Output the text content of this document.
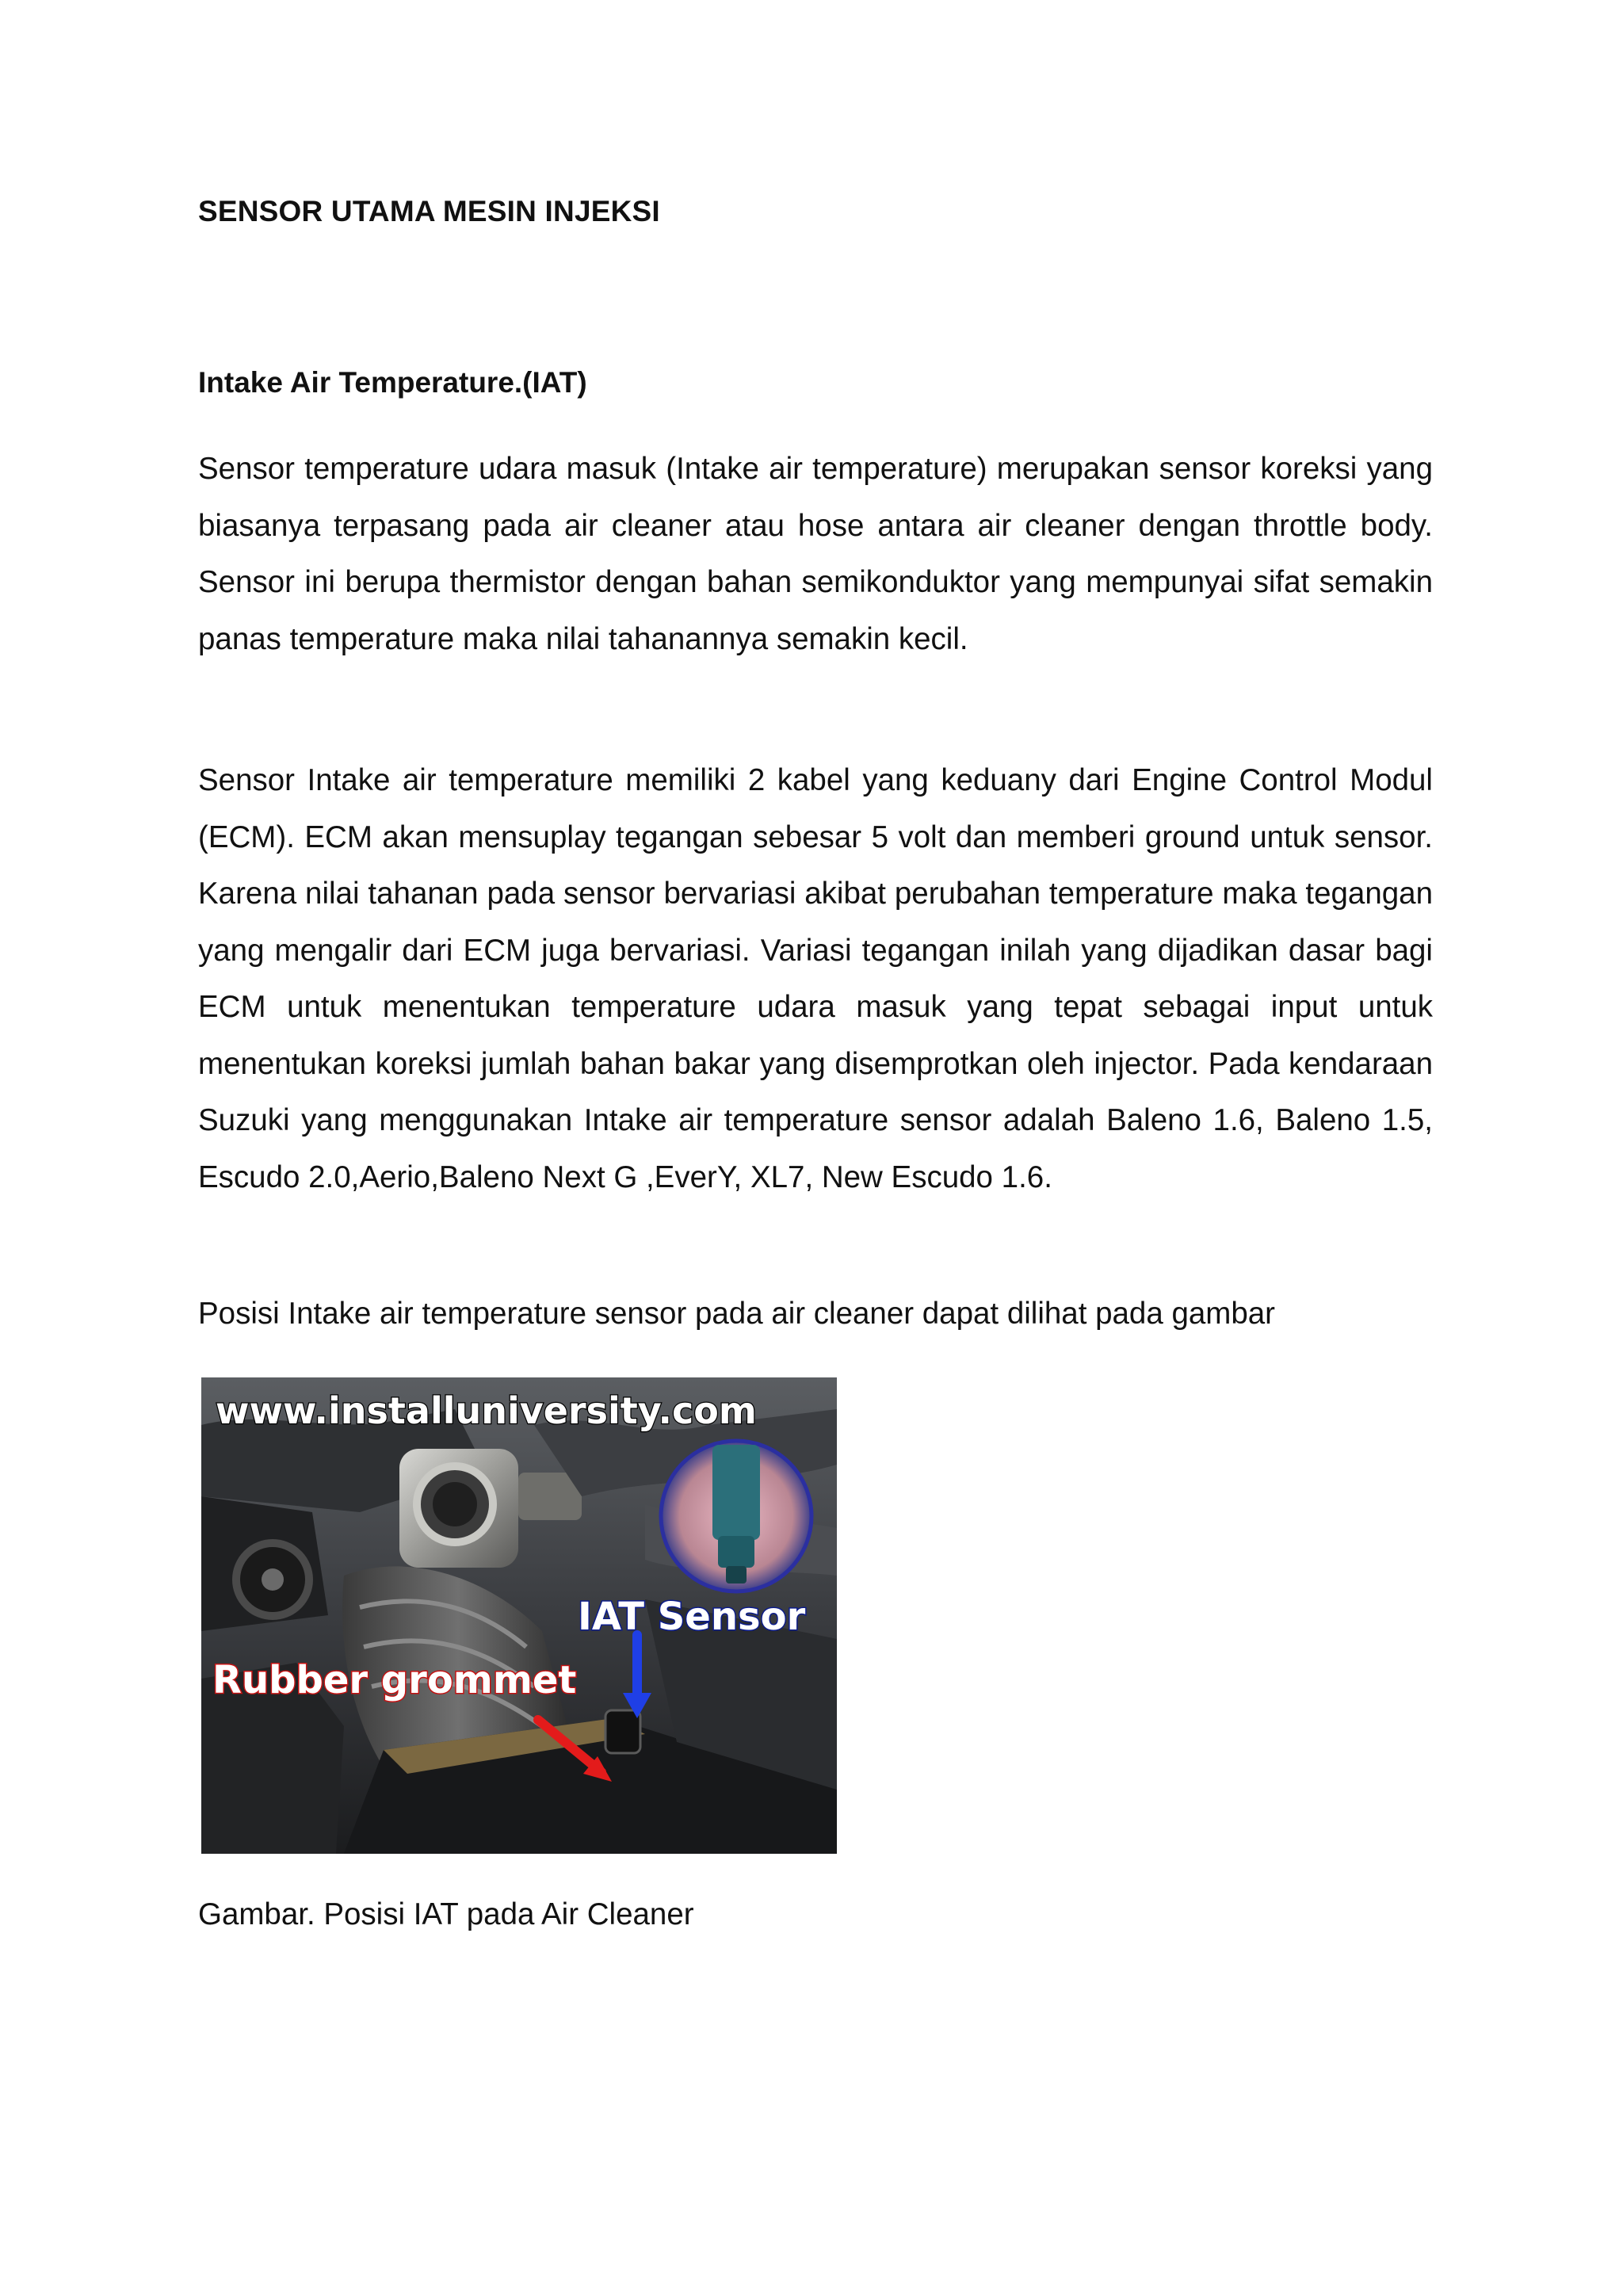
SENSOR UTAMA MESIN INJEKSI
Intake Air Temperature.(IAT)

Sensor temperature udara masuk (Intake air temperature) merupakan sensor koreksi yang biasanya terpasang pada air cleaner atau hose antara air cleaner dengan throttle body. Sensor ini berupa thermistor dengan bahan semikonduktor yang mempunyai sifat semakin panas temperature maka nilai tahanannya semakin kecil.

Sensor Intake air temperature memiliki 2 kabel yang keduany dari Engine Control Modul (ECM). ECM akan mensuplay tegangan sebesar 5 volt dan memberi ground untuk sensor. Karena nilai tahanan pada sensor bervariasi akibat perubahan temperature maka tegangan yang mengalir dari ECM juga bervariasi. Variasi tegangan inilah yang dijadikan dasar bagi ECM untuk menentukan temperature udara masuk yang tepat sebagai input untuk menentukan koreksi jumlah bahan bakar yang disemprotkan oleh injector. Pada kendaraan Suzuki yang menggunakan Intake air temperature sensor adalah Baleno 1.6, Baleno 1.5, Escudo 2.0,Aerio,Baleno Next G ,EverY, XL7, New Escudo 1.6.

Posisi Intake air temperature sensor pada air cleaner dapat dilihat pada gambar

www.installuniversity.com
IAT Sensor
Rubber grommet

Gambar. Posisi IAT pada Air Cleaner
